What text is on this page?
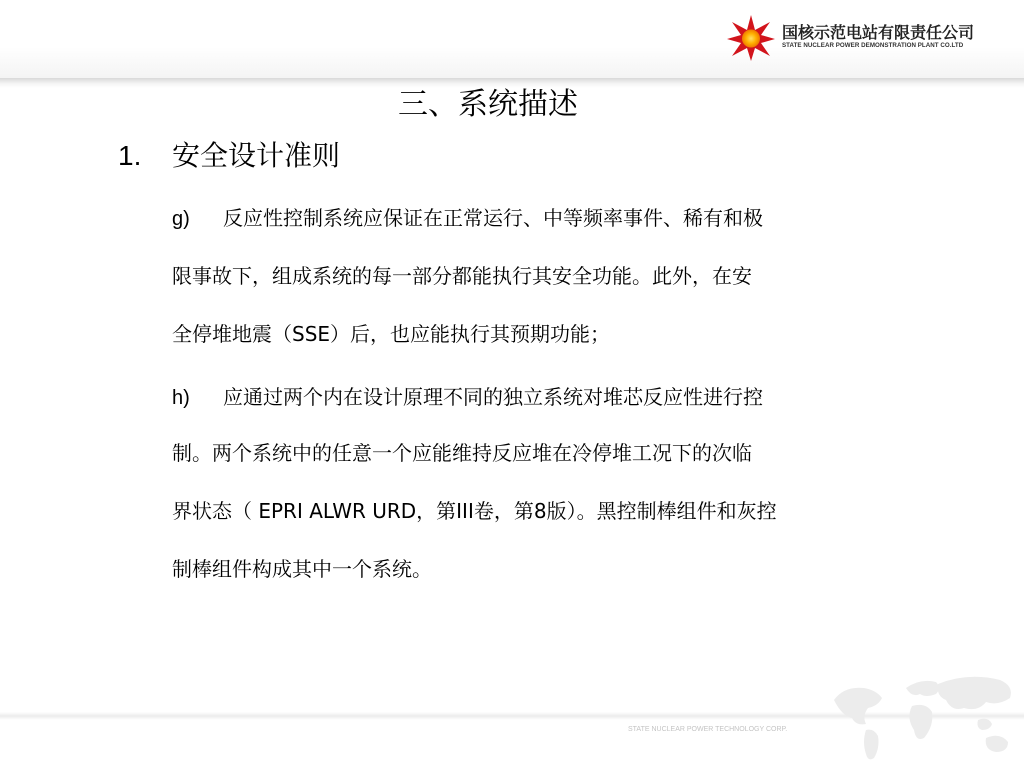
国核示范电站有限责任公司
STATE NUCLEAR POWER DEMONSTRATION PLANT CO.LTD
三、系统描述
1. 安全设计准则
g) 反应性控制系统应保证在正常运行、中等频率事件、稀有和极
限事故下，组成系统的每一部分都能执行其安全功能。此外，在安
全停堆地震（SSE）后，也应能执行其预期功能；
h) 应通过两个内在设计原理不同的独立系统对堆芯反应性进行控
制。两个系统中的任意一个应能维持反应堆在冷停堆工况下的次临
界状态（ EPRI ALWR URD，第III卷，第8版）。黑控制棒组件和灰控
制棒组件构成其中一个系统。
STATE NUCLEAR POWER TECHNOLOGY CORP.
